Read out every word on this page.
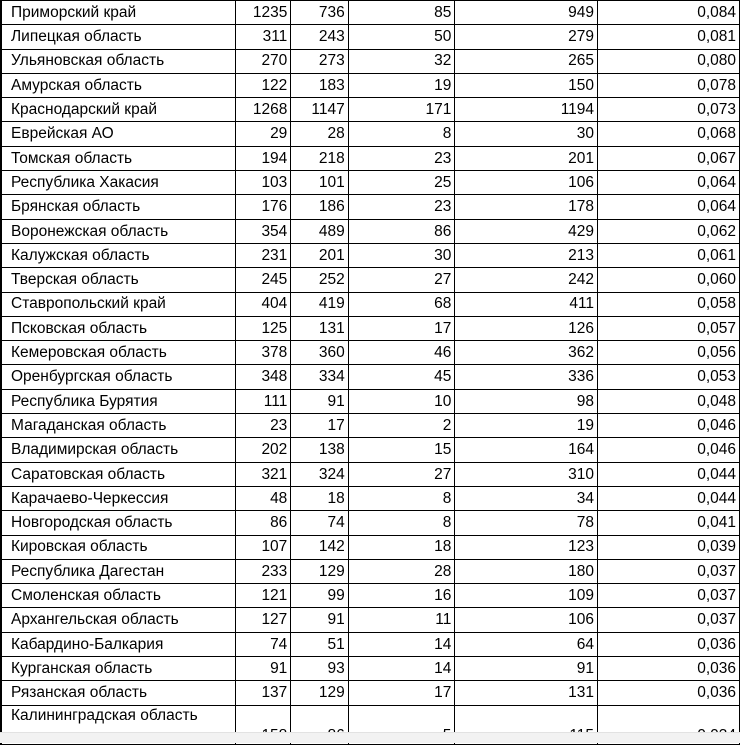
Приморский край	1235	736	85	949	0,084
Липецкая область	311	243	50	279	0,081
Ульяновская область	270	273	32	265	0,080
Амурская область	122	183	19	150	0,078
Краснодарский край	1268	1147	171	1194	0,073
Еврейская АО	29	28	8	30	0,068
Томская область	194	218	23	201	0,067
Республика Хакасия	103	101	25	106	0,064
Брянская область	176	186	23	178	0,064
Воронежская область	354	489	86	429	0,062
Калужская область	231	201	30	213	0,061
Тверская область	245	252	27	242	0,060
Ставропольский край	404	419	68	411	0,058
Псковская область	125	131	17	126	0,057
Кемеровская область	378	360	46	362	0,056
Оренбургская область	348	334	45	336	0,053
Республика Бурятия	111	91	10	98	0,048
Магаданская область	23	17	2	19	0,046
Владимирская область	202	138	15	164	0,046
Саратовская область	321	324	27	310	0,044
Карачаево-Черкессия	48	18	8	34	0,044
Новгородская область	86	74	8	78	0,041
Кировская область	107	142	18	123	0,039
Республика Дагестан	233	129	28	180	0,037
Смоленская область	121	99	16	109	0,037
Архангельская область	127	91	11	106	0,037
Кабардино-Балкария	74	51	14	64	0,036
Курганская область	91	93	14	91	0,036
Рязанская область	137	129	17	131	0,036
Калининградская область					
